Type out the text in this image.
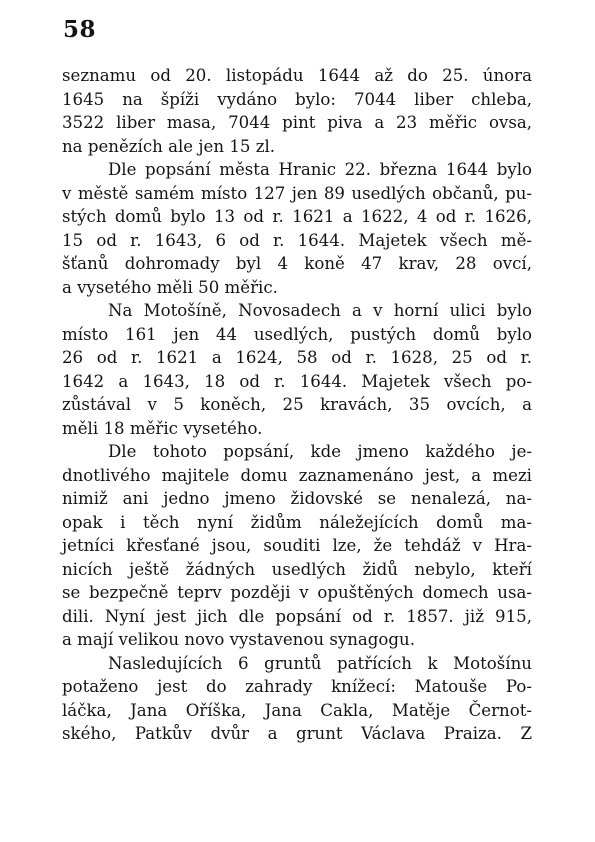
58
seznamu od 20. listopádu 1644 až do 25. února
1645 na špíži vydáno bylo: 7044 liber chleba,
3522 liber masa, 7044 pint piva a 23 měřic ovsa,
na penězích ale jen 15 zl.
Dle popsání města Hranic 22. března 1644 bylo
v městě samém místo 127 jen 89 usedlých občanů, pu-
stých domů bylo 13 od r. 1621 a 1622, 4 od r. 1626,
15 od r. 1643, 6 od r. 1644. Majetek všech mě-
šťanů dohromady byl 4 koně 47 krav, 28 ovcí,
a vysetého měli 50 měřic.
Na Motošíně, Novosadech a v horní ulici bylo
místo 161 jen 44 usedlých, pustých domů bylo
26 od r. 1621 a 1624, 58 od r. 1628, 25 od r.
1642 a 1643, 18 od r. 1644. Majetek všech po-
zůstával v 5 koněch, 25 kravách, 35 ovcích, a
měli 18 měřic vysetého.
Dle tohoto popsání, kde jmeno každého je-
dnotlivého majitele domu zaznamenáno jest, a mezi
nimiž ani jedno jmeno židovské se nenalezá, na-
opak i těch nyní židům náležejících domů ma-
jetníci křesťané jsou, souditi lze, že tehdáž v Hra-
nicích ještě žádných usedlých židů nebylo, kteří
se bezpečně teprv později v opuštěných domech usa-
dili. Nyní jest jich dle popsání od r. 1857. již 915,
a mají velikou novo vystavenou synagogu.
Nasledujících 6 gruntů patřících k Motošínu
potaženo jest do zahrady knížecí: Matouše Po-
láčka, Jana Oříška, Jana Cakla, Matěje Černot-
ského, Patkův dvůr a grunt Václava Praiza. Z
